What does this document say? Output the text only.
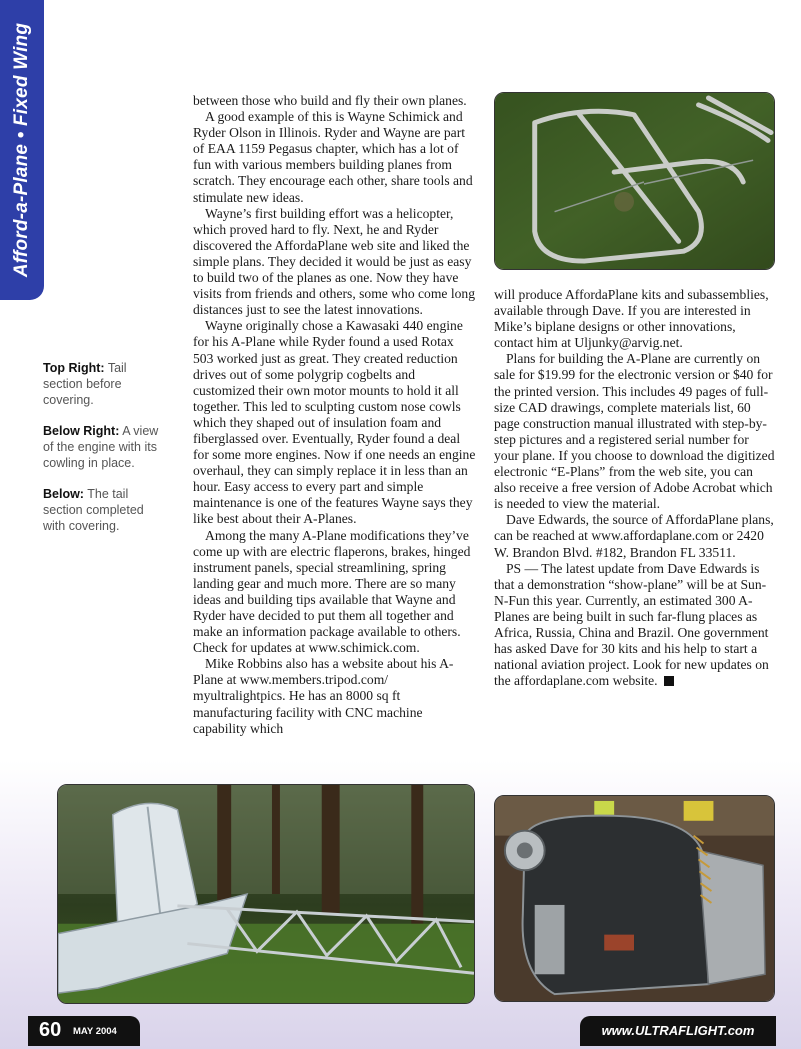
Afford-a-Plane • Fixed Wing
Top Right: Tail section before covering.
Below Right: A view of the engine with its cowling in place.
Below: The tail section completed with covering.

between those who build and fly their own planes.

A good example of this is Wayne Schimick and Ryder Olson in Illinois. Ryder and Wayne are part of EAA 1159 Pegasus chapter, which has a lot of fun with various members building planes from scratch. They encourage each other, share tools and stimulate new ideas.

Wayne’s first building effort was a helicopter, which proved hard to fly. Next, he and Ryder discovered the AffordaPlane web site and liked the simple plans. They decided it would be just as easy to build two of the planes as one. Now they have visits from friends and others, some who come long distances just to see the latest innovations.

Wayne originally chose a Kawasaki 440 engine for his A-Plane while Ryder found a used Rotax 503 worked just as great. They created reduction drives out of some polygrip cogbelts and customized their own motor mounts to hold it all together. This led to sculpting custom nose cowls which they shaped out of insulation foam and fiberglassed over. Eventually, Ryder found a deal for some more engines. Now if one needs an engine overhaul, they can simply replace it in less than an hour. Easy access to every part and simple maintenance is one of the features Wayne says they like best about their A-Planes.

Among the many A-Plane modifications they’ve come up with are electric flaperons, brakes, hinged instrument panels, special streamlining, spring landing gear and much more. There are so many ideas and building tips available that Wayne and Ryder have decided to put them all together and make an information package available to others. Check for updates at www.schimick.com.

Mike Robbins also has a website about his A-Plane at www.members.tripod.com/ myultralightpics. He has an 8000 sq ft manufacturing facility with CNC machine capability which

will produce AffordaPlane kits and subassemblies, available through Dave. If you are interested in Mike’s biplane designs or other innovations, contact him at Uljunky@arvig.net.

Plans for building the A-Plane are currently on sale for $19.99 for the electronic version or $40 for the printed version. This includes 49 pages of full-size CAD drawings, complete materials list, 60 page construction manual illustrated with step-by-step pictures and a registered serial number for your plane. If you choose to download the digitized electronic “E-Plans” from the web site, you can also receive a free version of Adobe Acrobat which is needed to view the material.

Dave Edwards, the source of AffordaPlane plans, can be reached at www.affordaplane.com or 2420 W. Brandon Blvd. #182, Brandon FL 33511.

PS — The latest update from Dave Edwards is that a demonstration “show-plane” will be at Sun-N-Fun this year. Currently, an estimated 300 A-Planes are being built in such far-flung places as Africa, Russia, China and Brazil. One government has asked Dave for 30 kits and his help to start a national aviation project. Look for new updates on the affordaplane.com website.

60 MAY 2004	www.ULTRAFLIGHT.com
